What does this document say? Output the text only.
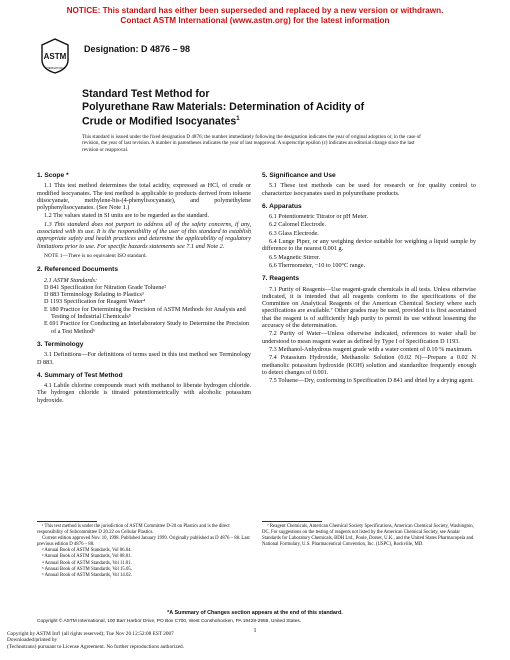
NOTICE: This standard has either been superseded and replaced by a new version or withdrawn.
Contact ASTM International (www.astm.org) for the latest information
ASTM
INTERNATIONAL
Designation: D 4876 – 98
Standard Test Method for
Polyurethane Raw Materials: Determination of Acidity of
Crude or Modified Isocyanates$^1$
This standard is issued under the fixed designation D 4876; the number immediately following the designation indicates the year of original adoption or, in the case of revision, the year of last revision. A number in parentheses indicates the year of last reapproval. A superscript epsilon (ε) indicates an editorial change since the last revision or reapproval.
1. Scope *
1.1 This test method determines the total acidity, expressed as HCl, of crude or modified isocyanates. The test method is applicable to products derived from toluene diisocyanate, methylene-bis-(4-phenylisocyanate), and polymethylene polyphenylisocyanates. (See Note 1.)
1.2 The values stated in SI units are to be regarded as the standard.
1.3 This standard does not purport to address all of the safety concerns, if any, associated with its use. It is the responsibility of the user of this standard to establish appropriate safety and health practices and determine the applicability of regulatory limitations prior to use. For specific hazards statements see 7.1 and Note 2.
NOTE 1—There is no equivalent ISO standard.
2. Referenced Documents
2.1 ASTM Standards:
D 841 Specification for Nitration Grade Toluene²
D 883 Terminology Relating to Plastics³
D 1193 Specification for Reagent Water⁴
E 180 Practice for Determining the Precision of ASTM Methods for Analysis and Testing of Industrial Chemicals⁵
E 691 Practice for Conducting an Interlaboratory Study to Determine the Precision of a Test Method⁶
3. Terminology
3.1 Definitions—For definitions of terms used in this test method see Terminology D 883.
4. Summary of Test Method
4.1 Labile chlorine compounds react with methanol to liberate hydrogen chloride. The hydrogen chloride is titrated potentiometrically with alcoholic potassium hydroxide.
5. Significance and Use
5.1 These test methods can be used for research or for quality control to characterize isocyanates used in polyurethane products.
6. Apparatus
6.1 Potentiometric Titrator or pH Meter.
6.2 Calomel Electrode.
6.3 Glass Electrode.
6.4 Lunge Piper, or any weighing device suitable for weighing a liquid sample by difference to the nearest 0.001 g.
6.5 Magnetic Stirrer.
6.6 Thermometer, −10 to 100°C range.
7. Reagents
7.1 Purity of Reagents—Use reagent-grade chemicals in all tests. Unless otherwise indicated, it is intended that all reagents conform to the specifications of the Committee on Analytical Reagents of the American Chemical Society where such specifications are available.⁷ Other grades may be used, provided it is first ascertained that the reagent is of sufficiently high purity to permit its use without lessening the accuracy of the determination.
7.2 Purity of Water—Unless otherwise indicated, references to water shall be understood to mean reagent water as defined by Type I of Specification D 1193.
7.3 Methanol-Anhydrous reagent grade with a water content of 0.10 % maximum.
7.4 Potassium Hydroxide, Methanolic Solution (0.02 N)—Prepare a 0.02 N methanolic potassium hydroxide (KOH) solution and standardize frequently enough to detect changes of 0.001.
7.5 Toluene—Dry, conforming to Specification D 841 and dried by a drying agent.
¹ This test method is under the jurisdiction of ASTM Committee D-20 on Plastics and is the direct responsibility of Subcommittee D 20.22 on Cellular Plastics.
Current edition approved Nov. 10, 1998. Published January 1999. Originally published as D 4876 – 88. Last previous edition D 4876 – 88.
² Annual Book of ASTM Standards, Vol 06.04.
³ Annual Book of ASTM Standards, Vol 08.01.
⁴ Annual Book of ASTM Standards, Vol 11.01.
⁵ Annual Book of ASTM Standards, Vol 15.05.
⁶ Annual Book of ASTM Standards, Vol 14.02.
⁷ Reagent Chemicals, American Chemical Society Specifications, American Chemical Society, Washington, DC. For suggestions on the testing of reagents not listed by the American Chemical Society, see Analar Standards for Laboratory Chemicals, BDH Ltd., Poole, Dorset, U.K., and the United States Pharmacopeia and National Formulary, U.S. Pharmaceutical Convention, Inc. (USPC), Rockville, MD.
*A Summary of Changes section appears at the end of this standard.
Copyright © ASTM International, 100 Barr Harbor Drive, PO Box C700, West Conshohocken, PA 19428-2959, United States.
1
Copyright by ASTM Int'l (all rights reserved); Tue Nov 20 12:52:08 EST 2007
Downloaded/printed by
(Technotrans) pursuant to License Agreement. No further reproductions authorized.
